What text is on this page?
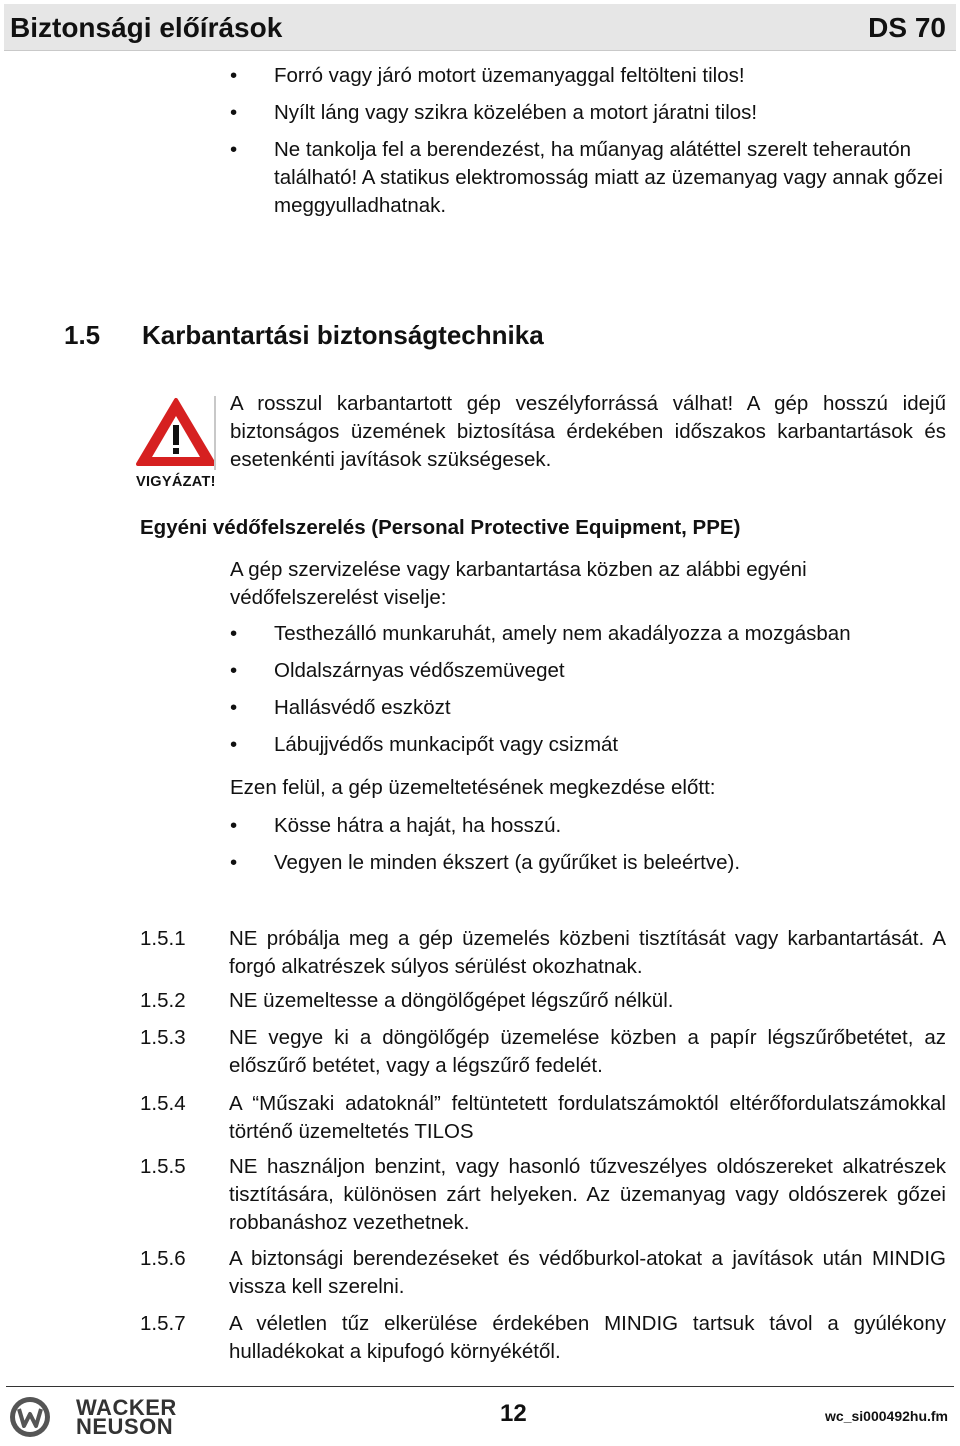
Biztonsági előírások	DS 70
• Forró vagy járó motort üzemanyaggal feltölteni tilos!
• Nyílt láng vagy szikra közelében a motort járatni tilos!
• Ne tankolja fel a berendezést, ha műanyag alátéttel szerelt teherautón található! A statikus elektromosság miatt az üzemanyag vagy annak gőzei meggyulladhatnak.
1.5 Karbantartási biztonságtechnika
VIGYÁZAT!
A rosszul karbantartott gép veszélyforrássá válhat! A gép hosszú idejű biztonságos üzemének biztosítása érdekében időszakos karbantartások és esetenkénti javítások szükségesek.
Egyéni védőfelszerelés (Personal Protective Equipment, PPE)
A gép szervizelése vagy karbantartása közben az alábbi egyéni védőfelszerelést viselje:
• Testhezálló munkaruhát, amely nem akadályozza a mozgásban
• Oldalszárnyas védőszemüveget
• Hallásvédő eszközt
• Lábujjvédős munkacipőt vagy csizmát
Ezen felül, a gép üzemeltetésének megkezdése előtt:
• Kösse hátra a haját, ha hosszú.
• Vegyen le minden ékszert (a gyűrűket is beleértve).
1.5.1 NE próbálja meg a gép üzemelés közbeni tisztítását vagy karbantartását. A forgó alkatrészek súlyos sérülést okozhatnak.
1.5.2 NE üzemeltesse a döngölőgépet légszűrő nélkül.
1.5.3 NE vegye ki a döngölőgép üzemelése közben a papír légszűrőbetétet, az előszűrő betétet, vagy a légszűrő fedelét.
1.5.4 A “Műszaki adatoknál” feltüntetett fordulatszámoktól eltérőfordulatszámokkal történő üzemeltetés TILOS
1.5.5 NE használjon benzint, vagy hasonló tűzveszélyes oldószereket alkatrészek tisztítására, különösen zárt helyeken. Az üzemanyag vagy oldószerek gőzei robbanáshoz vezethetnek.
1.5.6 A biztonsági berendezéseket és védőburkol-atokat a javítások után MINDIG vissza kell szerelni.
1.5.7 A véletlen tűz elkerülése érdekében MINDIG tartsuk távol a gyúlékony hulladékokat a kipufogó környékétől.
WACKER
NEUSON	12	wc_si000492hu.fm
